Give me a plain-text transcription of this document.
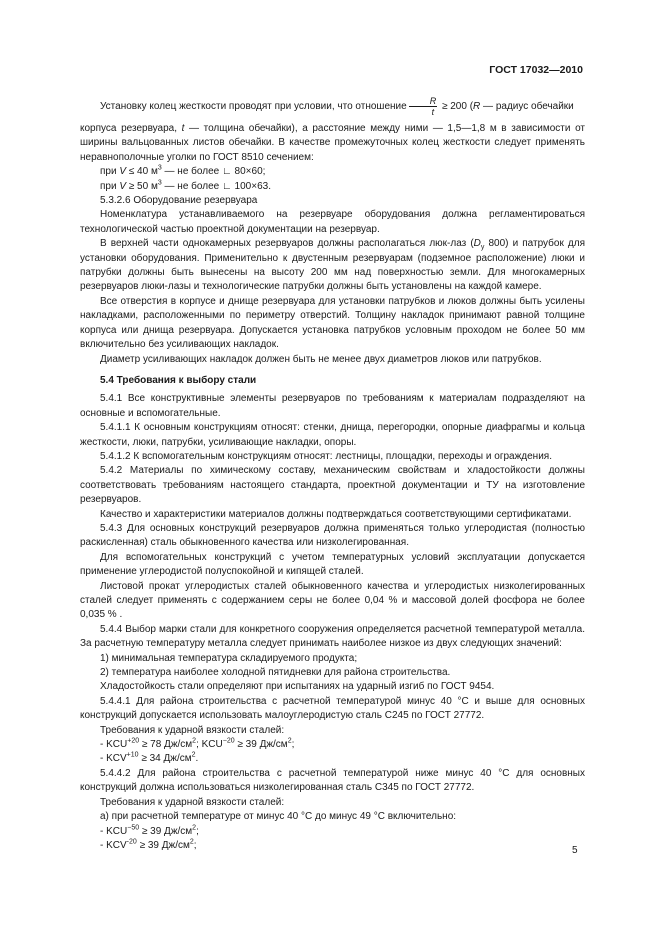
ГОСТ 17032—2010

Установку колец жесткости проводят при условии, что отношение $\frac{R}{t} \ge 200$ (R — радиус обечайки

корпуса резервуара, t — толщина обечайки), а расстояние между ними — 1,5—1,8 м в зависимости от ширины вальцованных листов обечайки. В качестве промежуточных колец жесткости следует применять неравнополочные уголки по ГОСТ 8510 сечением:

при V ≤ 40 $м^3$ — не более ∟ 80×60;

при V ≥ 50 $м^3$ — не более ∟ 100×63.

5.3.2.6 Оборудование резервуара

Номенклатура устанавливаемого на резервуаре оборудования должна регламентироваться технологической частью проектной документации на резервуар.

В верхней части однокамерных резервуаров должны располагаться люк-лаз ($D_y$ 800) и патрубок для установки оборудования. Применительно к двустенным резервуарам (подземное расположение) люки и патрубки должны быть вынесены на высоту 200 мм над поверхностью земли. Для многокамерных резервуаров люки-лазы и технологические патрубки должны быть установлены на каждой камере.

Все отверстия в корпусе и днище резервуара для установки патрубков и люков должны быть усилены накладками, расположенными по периметру отверстий. Толщину накладок принимают равной толщине корпуса или днища резервуара. Допускается установка патрубков условным проходом не более 50 мм включительно без усиливающих накладок.

Диаметр усиливающих накладок должен быть не менее двух диаметров люков или патрубков.

5.4 Требования к выбору стали

5.4.1 Все конструктивные элементы резервуаров по требованиям к материалам подразделяют на основные и вспомогательные.

5.4.1.1 К основным конструкциям относят: стенки, днища, перегородки, опорные диафрагмы и кольца жесткости, люки, патрубки, усиливающие накладки, опоры.

5.4.1.2 К вспомогательным конструкциям относят: лестницы, площадки, переходы и ограждения.

5.4.2 Материалы по химическому составу, механическим свойствам и хладостойкости должны соответствовать требованиям настоящего стандарта, проектной документации и ТУ на изготовление резервуаров.

Качество и характеристики материалов должны подтверждаться соответствующими сертификатами.

5.4.3 Для основных конструкций резервуаров должна применяться только углеродистая (полностью раскисленная) сталь обыкновенного качества или низколегированная.

Для вспомогательных конструкций с учетом температурных условий эксплуатации допускается применение углеродистой полуспокойной и кипящей сталей.

Листовой прокат углеродистых сталей обыкновенного качества и углеродистых низколегированных сталей следует применять с содержанием серы не более 0,04 % и массовой долей фосфора не более 0,035 % .

5.4.4 Выбор марки стали для конкретного сооружения определяется расчетной температурой металла. За расчетную температуру металла следует принимать наиболее низкое из двух следующих значений:

1) минимальная температура складируемого продукта;

2) температура наиболее холодной пятидневки для района строительства.

Хладостойкость стали определяют при испытаниях на ударный изгиб по ГОСТ 9454.

5.4.4.1 Для района строительства с расчетной температурой минус 40 °С и выше для основных конструкций допускается использовать малоуглеродистую сталь С245 по ГОСТ 27772.

Требования к ударной вязкости сталей:

- $KCU^{+20} \ge 78$ $Дж/см^2$; $KCU^{-20} \ge 39$ $Дж/см^2$;

- $KCV^{+10} \ge 34$ $Дж/см^2$.

5.4.4.2 Для района строительства с расчетной температурой ниже минус 40 °С для основных конструкций должна использоваться низколегированная сталь С345 по ГОСТ 27772.

Требования к ударной вязкости сталей:

а) при расчетной температуре от минус 40 °С до минус 49 °С включительно:

- $KCU^{-50} \ge 39$ $Дж/см^2$;

- $KCV^{-20} \ge 39$ $Дж/см^2$;	5
